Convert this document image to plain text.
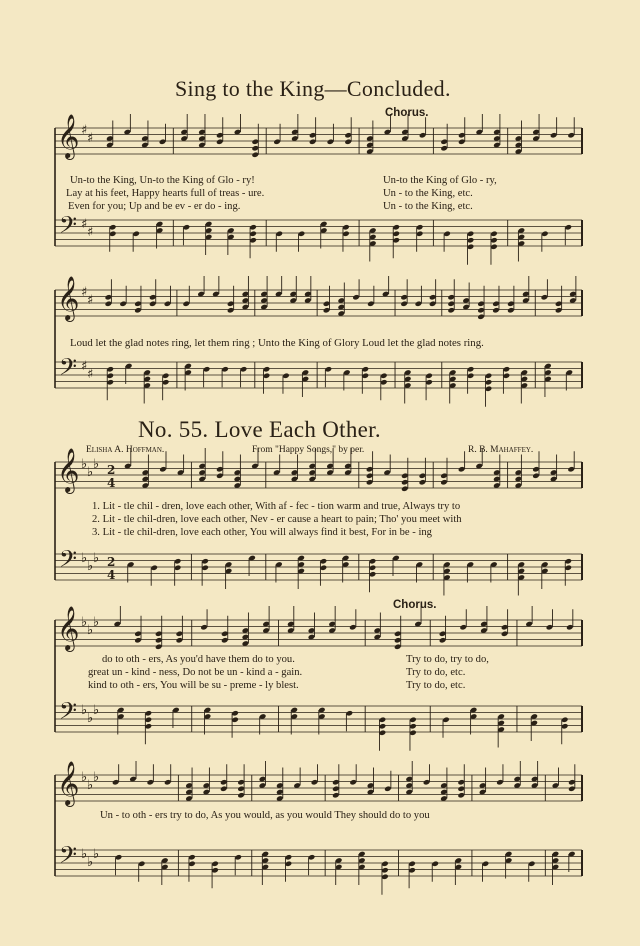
𝄞
𝄢
♯
♯
♯
♯
𝄞
𝄢
♯
♯
♯
♯
𝄞
𝄢
♭
♭
♭
♭
♭
♭
2
4
2
4
𝄞
𝄢
♭
♭
♭
♭
♭
♭
𝄞
𝄢
♭
♭
♭
♭
♭
♭
Sing to the King—Concluded.
Chorus.
Un-to the King, Un-to the King of Glo - ry!
Lay at his feet, Happy hearts full of treas - ure.
Even for you; Up and be ev - er do - ing.
Un-to the King of Glo - ry,
Un - to the King, etc.
Un - to the King, etc.
Loud let the glad notes ring, let them ring ; Unto the King of Glory Loud let the glad notes ring.
No. 55. Love Each Other.
Elisha A. Hoffman.	From "Happy Songs," by per.	R. B. Mahaffey.
1. Lit - tle chil - dren, love each other, With af - fec - tion warm and true, Always try to
2. Lit - tle chil-dren, love each other, Nev - er cause a heart to pain; Tho' you meet with
3. Lit - tle chil-dren, love each other, You will always find it best, For in be - ing
Chorus.
do to oth - ers, As you'd have them do to you.
great un - kind - ness, Do not be un - kind a - gain.
kind to oth - ers, You will be su - preme - ly blest.
Try to do, try to do,
Try to do, etc.
Try to do, etc.
Un - to oth - ers try to do, As you would, as you would They should do to you
